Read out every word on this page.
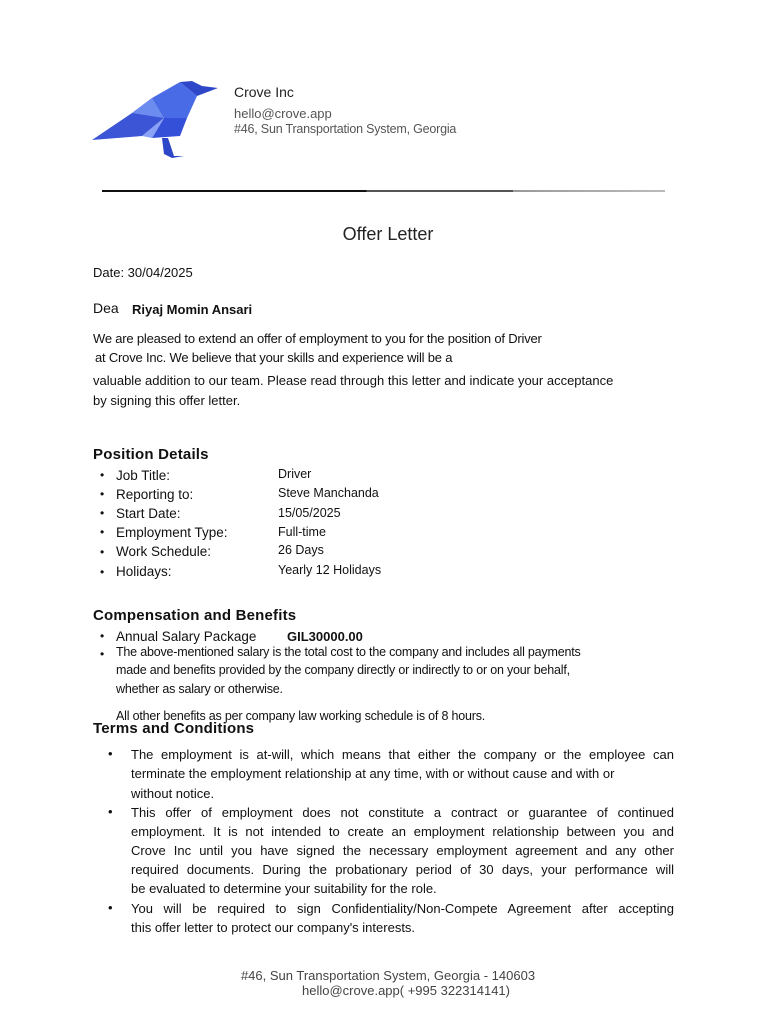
Crove Inc
hello@crove.app
#46, Sun Transportation System, Georgia
Offer Letter
Date: 30/04/2025
Dea Riyaj Momin Ansari
We are pleased to extend an offer of employment to you for the position of Driver
at Crove Inc. We believe that your skills and experience will be a
valuable addition to our team. Please read through this letter and indicate your acceptance
by signing this offer letter.
Position Details
• Job Title:	Driver
• Reporting to:	Steve Manchanda
• Start Date:	15/05/2025
• Employment Type:	Full-time
• Work Schedule:	26 Days
• Holidays:	Yearly 12 Holidays
Compensation and Benefits
• Annual Salary Package GIL30000.00
• The above-mentioned salary is the total cost to the company and includes all payments
made and benefits provided by the company directly or indirectly to or on your behalf,
whether as salary or otherwise.
All other benefits as per company law working schedule is of 8 hours.
Terms and Conditions
• The employment is at-will, which means that either the company or the employee can
terminate the employment relationship at any time, with or without cause and with or
without notice.
• This offer of employment does not constitute a contract or guarantee of continued
employment. It is not intended to create an employment relationship between you and
Crove Inc until you have signed the necessary employment agreement and any other
required documents. During the probationary period of 30 days, your performance will
be evaluated to determine your suitability for the role.
• You will be required to sign Confidentiality/Non-Compete Agreement after accepting
this offer letter to protect our company's interests.
#46, Sun Transportation System, Georgia - 140603
hello@crove.app( +995 322314141)
